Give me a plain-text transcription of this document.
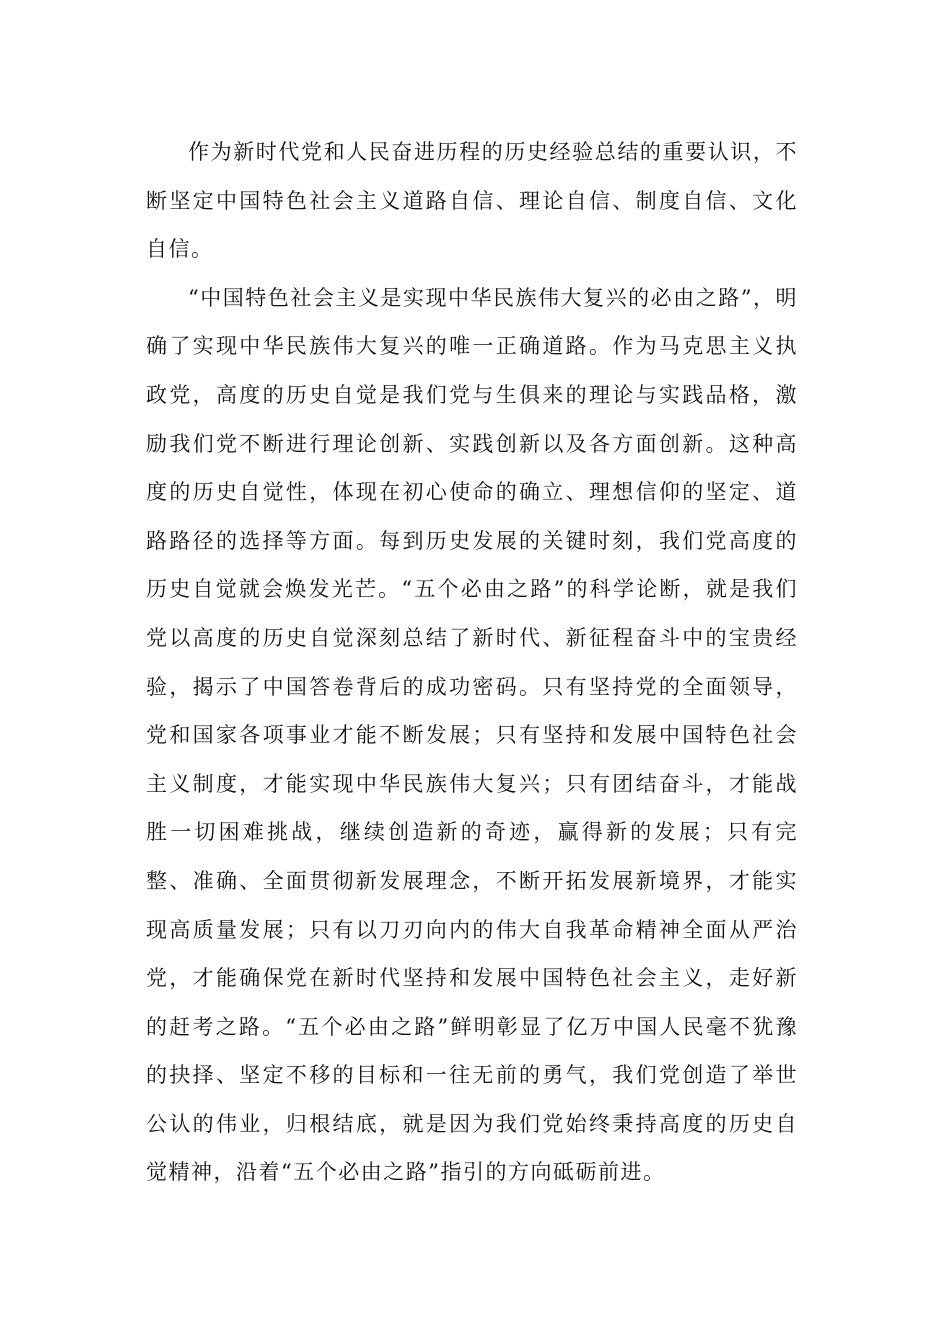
作为新时代党和人民奋进历程的历史经验总结的重要认识，不断坚定中国特色社会主义道路自信、理论自信、制度自信、文化自信。

“中国特色社会主义是实现中华民族伟大复兴的必由之路”，明确了实现中华民族伟大复兴的唯一正确道路。作为马克思主义执政党，高度的历史自觉是我们党与生俱来的理论与实践品格，激励我们党不断进行理论创新、实践创新以及各方面创新。这种高度的历史自觉性，体现在初心使命的确立、理想信仰的坚定、道路路径的选择等方面。每到历史发展的关键时刻，我们党高度的历史自觉就会焕发光芒。“五个必由之路”的科学论断，就是我们党以高度的历史自觉深刻总结了新时代、新征程奋斗中的宝贵经验，揭示了中国答卷背后的成功密码。只有坚持党的全面领导，党和国家各项事业才能不断发展；只有坚持和发展中国特色社会主义制度，才能实现中华民族伟大复兴；只有团结奋斗，才能战胜一切困难挑战，继续创造新的奇迹，赢得新的发展；只有完整、准确、全面贯彻新发展理念，不断开拓发展新境界，才能实现高质量发展；只有以刀刃向内的伟大自我革命精神全面从严治党，才能确保党在新时代坚持和发展中国特色社会主义，走好新的赶考之路。“五个必由之路”鲜明彰显了亿万中国人民毫不犹豫的抉择、坚定不移的目标和一往无前的勇气，我们党创造了举世公认的伟业，归根结底，就是因为我们党始终秉持高度的历史自觉精神，沿着“五个必由之路”指引的方向砥砺前进。
